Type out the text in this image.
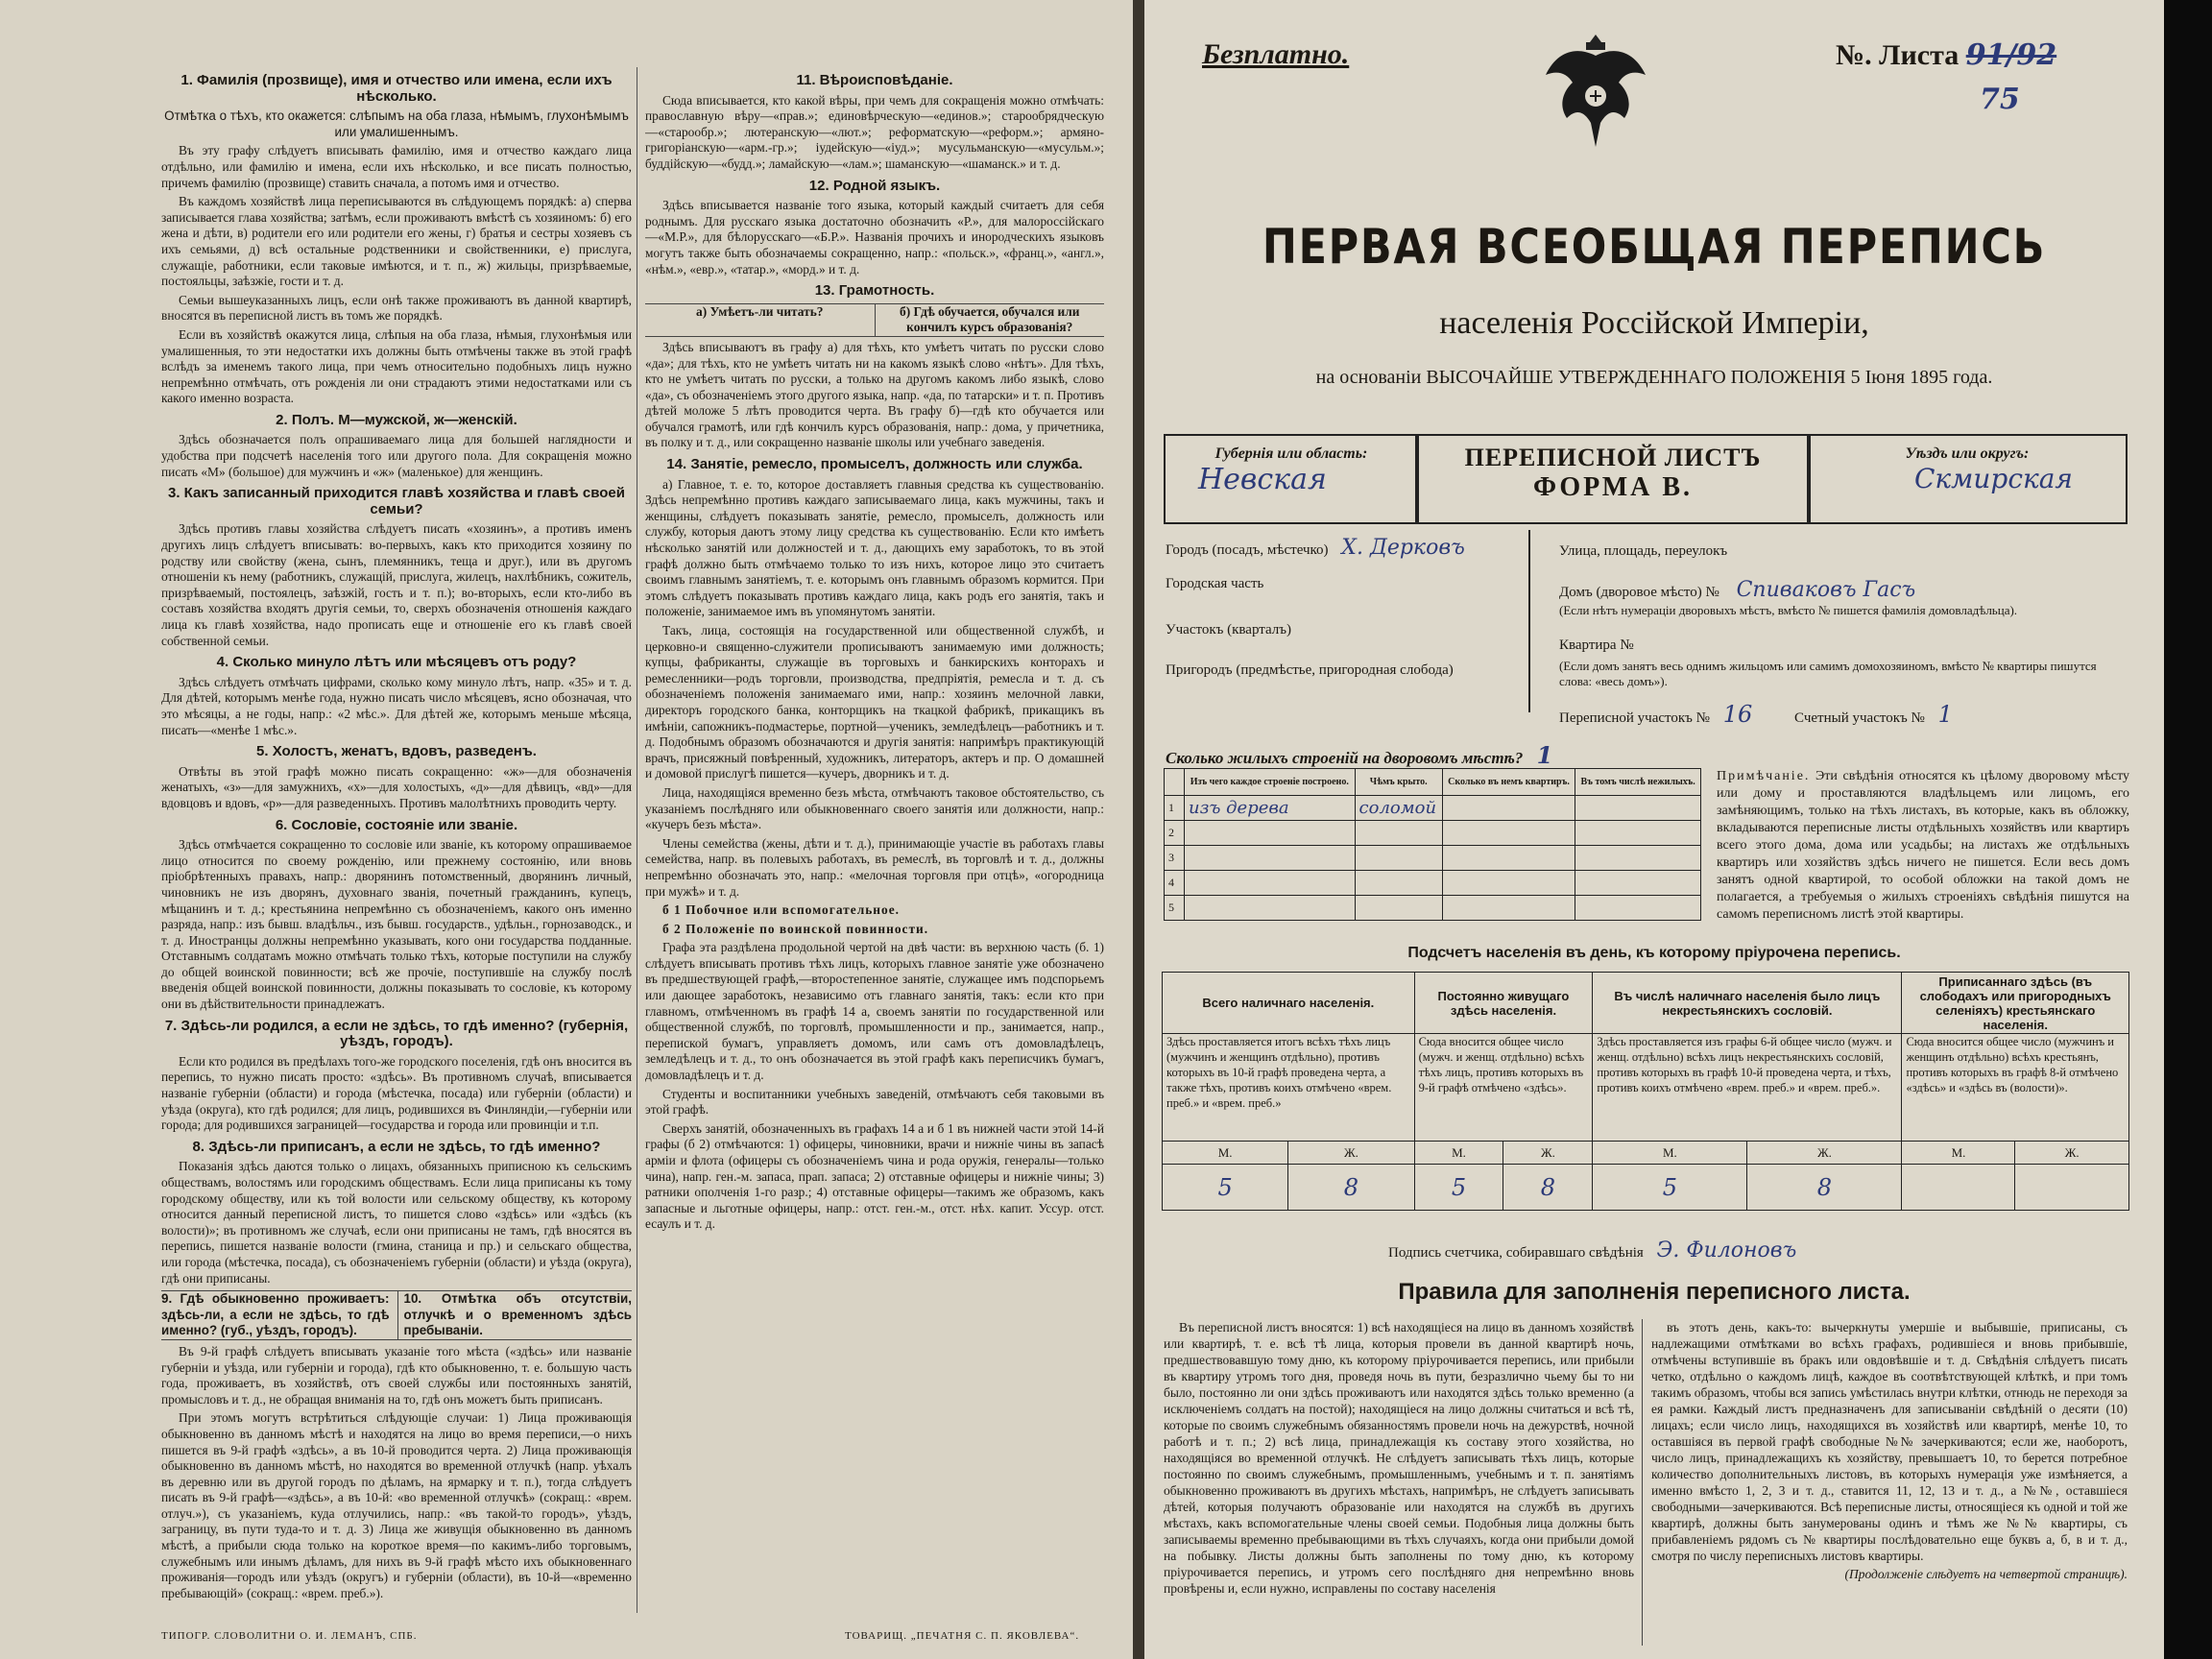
1. Фамилія (прозвище), имя и отчество или имена, если ихъ нѣсколько.

Отмѣтка о тѣхъ, кто окажется: слѣпымъ на оба глаза, нѣмымъ, глухонѣмымъ или умалишеннымъ.

Въ эту графу слѣдуетъ вписывать фамилію, имя и отчество каждаго лица отдѣльно, или фамилію и имена, если ихъ нѣсколько, и все писать полностью, причемъ фамилію (прозвище) ставить сначала, а потомъ имя и отчество.

Въ каждомъ хозяйствѣ лица переписываются въ слѣдующемъ порядкѣ: а) сперва записывается глава хозяйства; затѣмъ, если проживаютъ вмѣстѣ съ хозяиномъ: б) его жена и дѣти, в) родители его или родители его жены, г) братья и сестры хозяевъ съ ихъ семьями, д) всѣ остальные родственники и свойственники, е) прислуга, служащіе, работники, если таковые имѣются, и т. п., ж) жильцы, призрѣваемые, постояльцы, заѣзжіе, гости и т. д.

Семьи вышеуказанныхъ лицъ, если онѣ также проживаютъ въ данной квартирѣ, вносятся въ переписной листъ въ томъ же порядкѣ.

Если въ хозяйствѣ окажутся лица, слѣпыя на оба глаза, нѣмыя, глухонѣмыя или умалишенныя, то эти недостатки ихъ должны быть отмѣчены также въ этой графѣ вслѣдъ за именемъ такого лица, при чемъ относительно подобныхъ лицъ нужно непремѣнно отмѣчать, отъ рожденія ли они страдаютъ этими недостатками или съ какого именно возраста.

2. Полъ. М—мужской, ж—женскій.

Здѣсь обозначается полъ опрашиваемаго лица для большей наглядности и удобства при подсчетѣ населенія того или другого пола. Для сокращенія можно писать «М» (большое) для мужчинъ и «ж» (маленькое) для женщинъ.

3. Какъ записанный приходится главѣ хозяйства и главѣ своей семьи?

Здѣсь противъ главы хозяйства слѣдуетъ писать «хозяинъ», а противъ именъ другихъ лицъ слѣдуетъ вписывать: во-первыхъ, какъ кто приходится хозяину по родству или свойству (жена, сынъ, племянникъ, теща и друг.), или въ другомъ отношеніи къ нему (работникъ, служащій, прислуга, жилецъ, нахлѣбникъ, сожитель, призрѣваемый, постоялецъ, заѣзжій, гость и т. п.); во-вторыхъ, если кто-либо въ составъ хозяйства входятъ другія семьи, то, сверхъ обозначенія отношенія каждаго лица къ главѣ хозяйства, надо прописать еще и отношеніе его къ главѣ своей собственной семьи.

4. Сколько минуло лѣтъ или мѣсяцевъ отъ роду?

Здѣсь слѣдуетъ отмѣчать цифрами, сколько кому минуло лѣтъ, напр. «35» и т. д. Для дѣтей, которымъ менѣе года, нужно писать число мѣсяцевъ, ясно обозначая, что это мѣсяцы, а не годы, напр.: «2 мѣс.». Для дѣтей же, которымъ меньше мѣсяца, писать—«менѣе 1 мѣс.».

5. Холостъ, женатъ, вдовъ, разведенъ.

Отвѣты въ этой графѣ можно писать сокращенно: «ж»—для обозначенія женатыхъ, «з»—для замужнихъ, «х»—для холостыхъ, «д»—для дѣвицъ, «вд»—для вдовцовъ и вдовъ, «р»—для разведенныхъ. Противъ малолѣтнихъ проводить черту.

6. Сословіе, состояніе или званіе.

Здѣсь отмѣчается сокращенно то сословіе или званіе, къ которому опрашиваемое лицо относится по своему рожденію, или прежнему состоянію, или вновь пріобрѣтенныхъ правахъ, напр.: дворянинъ потомственный, дворянинъ личный, чиновникъ не изъ дворянъ, духовнаго званія, почетный гражданинъ, купецъ, мѣщанинъ и т. д.; крестьянина непремѣнно съ обозначеніемъ, какого онъ именно разряда, напр.: изъ бывш. владѣльч., изъ бывш. государств., удѣльн., горнозаводск., и т. д. Иностранцы должны непремѣнно указывать, кого они государства подданные. Отставнымъ солдатамъ можно отмѣчать только тѣхъ, которые поступили на службу до общей воинской повинности; всѣ же прочіе, поступившіе на службу послѣ введенія общей воинской повинности, должны показывать то сословіе, къ которому они въ дѣйствительности принадлежатъ.

7. Здѣсь-ли родился, а если не здѣсь, то гдѣ именно? (губернія, уѣздъ, городъ).

Если кто родился въ предѣлахъ того-же городского поселенія, гдѣ онъ вносится въ перепись, то нужно писать просто: «здѣсь». Въ противномъ случаѣ, вписывается названіе губерніи (области) и города (мѣстечка, посада) или губерніи (области) и уѣзда (округа), кто гдѣ родился; для лицъ, родившихся въ Финляндіи,—губерніи или города; для родившихся заграницей—государства и города или провинціи и т.п.

8. Здѣсь-ли приписанъ, а если не здѣсь, то гдѣ именно?

Показанія здѣсь даются только о лицахъ, обязанныхъ приписною къ сельскимъ обществамъ, волостямъ или городскимъ обществамъ. Если лица приписаны къ тому городскому обществу, или къ той волости или сельскому обществу, къ которому относится данный переписной листъ, то пишется слово «здѣсь» или «здѣсь (къ волости)»; въ противномъ же случаѣ, если они приписаны не тамъ, гдѣ вносятся въ перепись, пишется названіе волости (гмина, станица и пр.) и сельскаго общества, или города (мѣстечка, посада), съ обозначеніемъ губерніи (области) и уѣзда (округа), гдѣ они приписаны.

9. Гдѣ обыкновенно проживаетъ: здѣсь-ли, а если не здѣсь, то гдѣ именно? (губ., уѣздъ, городъ).
10. Отмѣтка объ отсутствіи, отлучкѣ и о временномъ здѣсь пребываніи.

Въ 9-й графѣ слѣдуетъ вписывать указаніе того мѣста («здѣсь» или названіе губерніи и уѣзда, или губерніи и города), гдѣ кто обыкновенно, т. е. большую часть года, проживаетъ, въ хозяйствѣ, отъ своей службы или постоянныхъ занятій, промысловъ и т. д., не обращая вниманія на то, гдѣ онъ можетъ быть приписанъ.

При этомъ могутъ встрѣтиться слѣдующіе случаи: 1) Лица проживающія обыкновенно въ данномъ мѣстѣ и находятся на лицо во время переписи,—о нихъ пишется въ 9-й графѣ «здѣсь», а въ 10-й проводится черта. 2) Лица проживающія обыкновенно въ данномъ мѣстѣ, но находятся во временной отлучкѣ (напр. уѣхалъ въ деревню или въ другой городъ по дѣламъ, на ярмарку и т. п.), тогда слѣдуетъ писать въ 9-й графѣ—«здѣсь», а въ 10-й: «во временной отлучкѣ» (сокращ.: «врем. отлуч.»), съ указаніемъ, куда отлучились, напр.: «въ такой-то городъ», уѣздъ, заграницу, въ пути туда-то и т. д. 3) Лица же живущія обыкновенно въ данномъ мѣстѣ, а прибыли сюда только на короткое время—по какимъ-либо торговымъ, служебнымъ или инымъ дѣламъ, для нихъ въ 9-й графѣ мѣсто ихъ обыкновеннаго проживанія—городъ или уѣздъ (округъ) и губерніи (области), въ 10-й—«временно пребывающій» (сокращ.: «врем. преб.»).

11. Вѣроисповѣданіе.

Сюда вписывается, кто какой вѣры, при чемъ для сокращенія можно отмѣчать: православную вѣру—«прав.»; единовѣрческую—«единов.»; старообрядческую—«старообр.»; лютеранскую—«лют.»; реформатскую—«реформ.»; армяно-григоріанскую—«арм.-гр.»; іудейскую—«іуд.»; мусульманскую—«мусульм.»; буддійскую—«будд.»; ламайскую—«лам.»; шаманскую—«шаманск.» и т. д.

12. Родной языкъ.

Здѣсь вписывается названіе того языка, который каждый считаетъ для себя роднымъ. Для русскаго языка достаточно обозначить «Р.», для малороссійскаго—«М.Р.», для бѣлорусскаго—«Б.Р.». Названія прочихъ и инородческихъ языковъ могутъ также быть обозначаемы сокращенно, напр.: «польск.», «франц.», «англ.», «нѣм.», «евр.», «татар.», «морд.» и т. д.

13. Грамотность.
а) Умѣетъ-ли читать?	б) Гдѣ обучается, обучался или кончилъ курсъ образованія?

Здѣсь вписываютъ въ графу а) для тѣхъ, кто умѣетъ читать по русски слово «да»; для тѣхъ, кто не умѣетъ читать ни на какомъ языкѣ слово «нѣтъ». Для тѣхъ, кто не умѣетъ читать по русски, а только на другомъ какомъ либо языкѣ, слово «да», съ обозначеніемъ этого другого языка, напр. «да, по татарски» и т. п. Противъ дѣтей моложе 5 лѣтъ проводится черта. Въ графу б)—гдѣ кто обучается или обучался грамотѣ, или гдѣ кончилъ курсъ образованія, напр.: дома, у причетника, въ полку и т. д., или сокращенно названіе школы или учебнаго заведенія.

14. Занятіе, ремесло, промыселъ, должность или служба.

а) Главное, т. е. то, которое доставляетъ главныя средства къ существованію. Здѣсь непремѣнно противъ каждаго записываемаго лица, какъ мужчины, такъ и женщины, слѣдуетъ показывать занятіе, ремесло, промыселъ, должность или службу, которыя даютъ этому лицу средства къ существованію. Если кто имѣетъ нѣсколько занятій или должностей и т. д., дающихъ ему заработокъ, то въ этой графѣ должно быть отмѣчаемо только то изъ нихъ, которое лицо это считаетъ своимъ главнымъ занятіемъ, т. е. которымъ онъ главнымъ образомъ кормится. При этомъ слѣдуетъ показывать противъ каждаго лица, какъ родъ его занятія, такъ и положеніе, занимаемое имъ въ упомянутомъ занятіи.

Такъ, лица, состоящія на государственной или общественной службѣ, и церковно-и священно-служители прописываютъ занимаемую ими должность; купцы, фабриканты, служащіе въ торговыхъ и банкирскихъ конторахъ и ремесленники—родъ торговли, производства, предпріятія, ремесла и т. д. съ обозначеніемъ положенія занимаемаго ими, напр.: хозяинъ мелочной лавки, директоръ городского банка, конторщикъ на ткацкой фабрикѣ, прикащикъ въ имѣніи, сапожникъ-подмастерье, портной—ученикъ, земледѣлецъ—работникъ и т. д. Подобнымъ образомъ обозначаются и другія занятія: напримѣръ практикующій врачъ, присяжный повѣренный, художникъ, литераторъ, актеръ и пр. О домашней и домовой прислугѣ пишется—кучеръ, дворникъ и т. д.

Лица, находящіяся временно безъ мѣста, отмѣчаютъ таковое обстоятельство, съ указаніемъ послѣдняго или обыкновеннаго своего занятія или должности, напр.: «кучеръ безъ мѣста».

Члены семейства (жены, дѣти и т. д.), принимающіе участіе въ работахъ главы семейства, напр. въ полевыхъ работахъ, въ ремеслѣ, въ торговлѣ и т. д., должны непремѣнно обозначать это, напр.: «мелочная торговля при отцѣ», «огородница при мужѣ» и т. д.

б 1 Побочное или вспомогательное.

б 2 Положеніе по воинской повинности.

Графа эта раздѣлена продольной чертой на двѣ части: въ верхнюю часть (б. 1) слѣдуетъ вписывать противъ тѣхъ лицъ, которыхъ главное занятіе уже обозначено въ предшествующей графѣ,—второстепенное занятіе, служащее имъ подспорьемъ или дающее заработокъ, независимо отъ главнаго занятія, такъ: если кто при главномъ, отмѣченномъ въ графѣ 14 а, своемъ занятіи по государственной или общественной службѣ, по торговлѣ, промышленности и пр., занимается, напр., перепиской бумагъ, управляетъ домомъ, или самъ отъ домовладѣлецъ, земледѣлецъ и т. д., то онъ обозначается въ этой графѣ какъ переписчикъ бумагъ, домовладѣлецъ и т. д.

Студенты и воспитанники учебныхъ заведеній, отмѣчаютъ себя таковыми въ этой графѣ.

Сверхъ занятій, обозначенныхъ въ графахъ 14 а и б 1 въ нижней части этой 14-й графы (б 2) отмѣчаются: 1) офицеры, чиновники, врачи и нижніе чины въ запасѣ арміи и флота (офицеры съ обозначеніемъ чина и рода оружія, генералы—только чина), напр. ген.-м. запаса, прап. запаса; 2) отставные офицеры и нижніе чины; 3) ратники ополченія 1-го разр.; 4) отставные офицеры—такимъ же образомъ, какъ запасные и льготные офицеры, напр.: отст. ген.-м., отст. нѣх. капит. Уссур. отст. есаулъ и т. д.

ТИПОГР. СЛОВОЛИТНИ О. И. ЛЕМАНЪ, СПБ.	ТОВАРИЩ. „ПЕЧАТНЯ С. П. ЯКОВЛЕВА“.
Безплатно.	№. Листа 91/92
75
ПЕРВАЯ ВСЕОБЩАЯ ПЕРЕПИСЬ
населенія Россійской Имперіи,
на основаніи ВЫСОЧАЙШЕ УТВЕРЖДЕННАГО ПОЛОЖЕНІЯ 5 Іюня 1895 года.
Губернія или область:
Невская
ПЕРЕПИСНОЙ ЛИСТЪ
ФОРМА В.
Уѣздъ или округъ:
Скмирская
Городъ (посадъ, мѣстечко) Х. Дерковъ
Городская часть
Участокъ (кварталъ)
Пригородъ (предмѣстье, пригородная слобода)
Улица, площадь, переулокъ
Домъ (дворовое мѣсто) № Спиваковъ Гасъ
(Если нѣтъ нумераціи дворовыхъ мѣстъ, вмѣсто № пишется фамилія домовладѣльца).
Квартира №
(Если домъ занятъ весь однимъ жильцомъ или самимъ домохозяиномъ, вмѣсто № квартиры пишутся слова: «весь домъ»).
Переписной участокъ № 16	Счетный участокъ № 1
Сколько жилыхъ строеній на дворовомъ мѣстѣ? 1
	Изъ чего каждое строеніе построено.	Чѣмъ крыто.	Сколько въ немъ квартиръ.	Въ томъ числѣ нежилыхъ.
1	изъ дерева	соломой		
2				
3				
4				
5				
Примѣчаніе. Эти свѣдѣнія относятся къ цѣлому дворовому мѣсту или дому и проставляются владѣльцемъ или лицомъ, его замѣняющимъ, только на тѣхъ листахъ, въ которые, какъ въ обложку, вкладываются переписные листы отдѣльныхъ хозяйствъ или квартиръ всего этого дома, дома или усадьбы; на листахъ же отдѣльныхъ квартиръ или хозяйствъ здѣсь ничего не пишется. Если весь домъ занятъ одной квартирой, то особой обложки на такой домъ не полагается, а требуемыя о жилыхъ строеніяхъ свѣдѣнія пишутся на самомъ переписномъ листѣ этой квартиры.
Подсчетъ населенія въ день, къ которому пріурочена перепись.
Всего наличнаго населенія.		Постоянно живущаго здѣсь населенія.		Въ числѣ наличнаго населенія было лицъ некрестьянскихъ сословій.		Приписаннаго здѣсь (въ слободахъ или пригородныхъ селеніяхъ) крестьянскаго населенія.	
Здѣсь проставляется итогъ всѣхъ тѣхъ лицъ (мужчинъ и женщинъ отдѣльно), противъ которыхъ въ 10-й графѣ проведена черта, а также тѣхъ, противъ коихъ отмѣчено «врем. преб.» и «врем. преб.»		Сюда вносится общее число (мужч. и женщ. отдѣльно) всѣхъ тѣхъ лицъ, противъ которыхъ въ 9-й графѣ отмѣчено «здѣсь».		Здѣсь проставляется изъ графы 6-й общее число (мужч. и женщ. отдѣльно) всѣхъ лицъ некрестьянскихъ сословій, противъ которыхъ въ графѣ 10-й проведена черта, и тѣхъ, противъ коихъ отмѣчено «врем. преб.» и «врем. преб.».		Сюда вносится общее число (мужчинъ и женщинъ отдѣльно) всѣхъ крестьянъ, противъ которыхъ въ графѣ 8-й отмѣчено «здѣсь» и «здѣсь въ (волости)».	
М.	Ж.	М.	Ж.	М.	Ж.	М.	Ж.
5	8	5	8	5	8		
Подпись счетчика, собиравшаго свѣдѣнія Э. Филоновъ
Правила для заполненія переписного листа.

Въ переписной листъ вносятся: 1) всѣ находящіеся на лицо въ данномъ хозяйствѣ или квартирѣ, т. е. всѣ тѣ лица, которыя провели въ данной квартирѣ ночь, предшествовавшую тому дню, къ которому пріурочивается перепись, или прибыли въ квартиру утромъ того дня, проведя ночь въ пути, безразлично чьему бы то ни было, постоянно ли они здѣсь проживаютъ или находятся здѣсь только временно (а исключеніемъ солдатъ на постой); находящіеся на лицо должны считаться и всѣ тѣ, которые по своимъ служебнымъ обязанностямъ провели ночь на дежурствѣ, ночной работѣ и т. п.; 2) всѣ лица, принадлежащія къ составу этого хозяйства, но находящіяся во временной отлучкѣ. Не слѣдуетъ записывать тѣхъ лицъ, которые постоянно по своимъ служебнымъ, промышленнымъ, учебнымъ и т. п. занятіямъ обыкновенно проживаютъ въ другихъ мѣстахъ, напримѣръ, не слѣдуетъ записывать дѣтей, которыя получаютъ образованіе или находятся на службѣ въ другихъ мѣстахъ, какъ вспомогательные члены своей семьи. Подобныя лица должны быть записываемы временно пребывающими въ тѣхъ случаяхъ, когда они прибыли домой на побывку. Листы должны быть заполнены по тому дню, къ которому пріурочивается перепись, и утромъ сего послѣдняго дня непремѣнно вновь провѣрены и, если нужно, исправлены по составу населенія

въ этотъ день, какъ-то: вычеркнуты умершіе и выбывшіе, приписаны, съ надлежащими отмѣтками во всѣхъ графахъ, родившіеся и вновь прибывшіе, отмѣчены вступившіе въ бракъ или овдовѣвшіе и т. д. Свѣдѣнія слѣдуетъ писать четко, отдѣльно о каждомъ лицѣ, каждое въ соотвѣтствующей клѣткѣ, и при томъ такимъ образомъ, чтобы вся запись умѣстилась внутри клѣтки, отнюдь не переходя за ея рамки. Каждый листъ предназначенъ для записываніи свѣдѣній о десяти (10) лицахъ; если число лицъ, находящихся въ хозяйствѣ или квартирѣ, менѣе 10, то оставшіяся въ первой графѣ свободные №№ зачеркиваются; если же, наоборотъ, число лицъ, принадлежащихъ къ хозяйству, превышаетъ 10, то берется потребное количество дополнительныхъ листовъ, въ которыхъ нумерація уже измѣняется, а именно вмѣсто 1, 2, 3 и т. д., ставится 11, 12, 13 и т. д., а №№, оставшіеся свободными—зачеркиваются. Всѣ переписные листы, относящіеся къ одной и той же квартирѣ, должны быть занумерованы одинъ и тѣмъ же №№ квартиры, съ прибавленіемъ рядомъ съ № квартиры послѣдовательно еще буквъ а, б, в и т. д., смотря по числу переписныхъ листовъ квартиры.

(Продолженіе слѣдуетъ на четвертой страницѣ).
